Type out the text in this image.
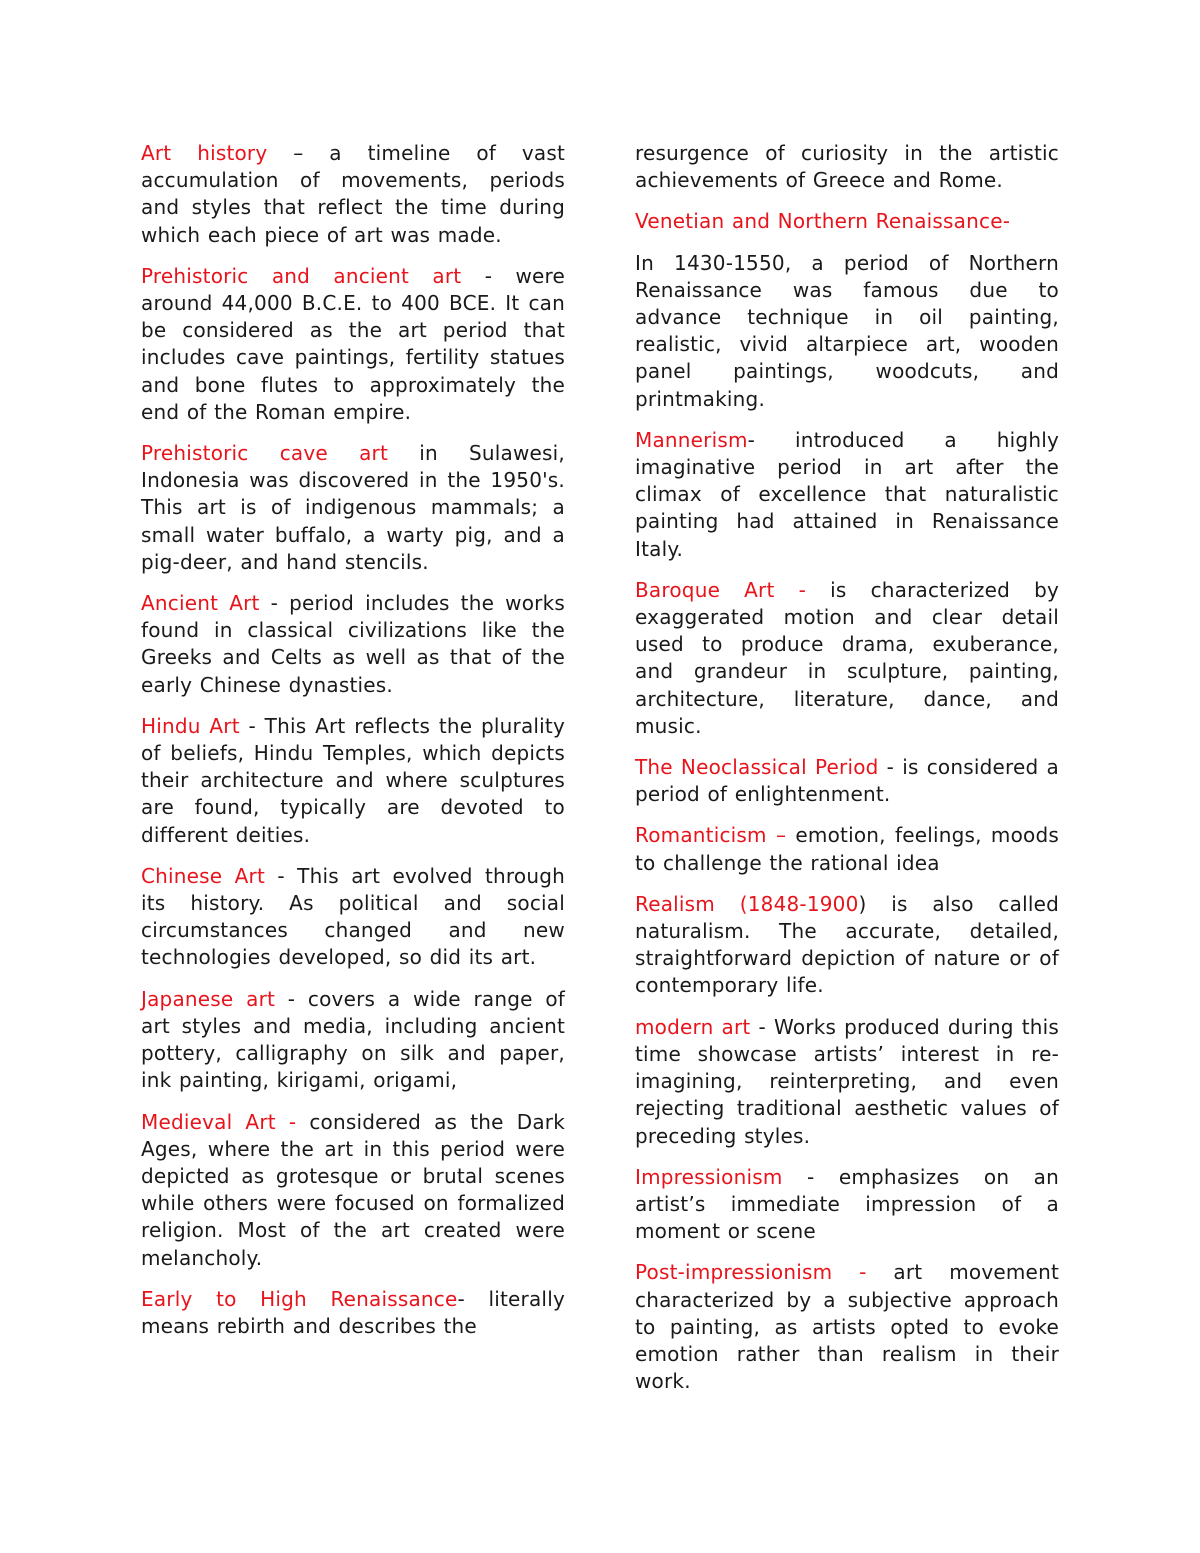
Art history – a timeline of vast accumulation of movements, periods and styles that reflect the time during which each piece of art was made.

Prehistoric and ancient art - were around 44,000 B.C.E. to 400 BCE. It can be considered as the art period that includes cave paintings, fertility statues and bone flutes to approximately the end of the Roman empire.

Prehistoric cave art in Sulawesi, Indonesia was discovered in the 1950's. This art is of indigenous mammals; a small water buffalo, a warty pig, and a pig-deer, and hand stencils.

Ancient Art - period includes the works found in classical civilizations like the Greeks and Celts as well as that of the early Chinese dynasties.

Hindu Art - This Art reflects the plurality of beliefs, Hindu Temples, which depicts their architecture and where sculptures are found, typically are devoted to different deities.

Chinese Art - This art evolved through its history. As political and social circumstances changed and new technologies developed, so did its art.

Japanese art - covers a wide range of art styles and media, including ancient pottery, calligraphy on silk and paper, ink painting, kirigami, origami,

Medieval Art - considered as the Dark Ages, where the art in this period were depicted as grotesque or brutal scenes while others were focused on formalized religion. Most of the art created were melancholy.

Early to High Renaissance- literally means rebirth and describes the

resurgence of curiosity in the artistic achievements of Greece and Rome.

Venetian and Northern Renaissance-

In 1430-1550, a period of Northern Renaissance was famous due to advance technique in oil painting, realistic, vivid altarpiece art, wooden panel paintings, woodcuts, and printmaking.

Mannerism- introduced a highly imaginative period in art after the climax of excellence that naturalistic painting had attained in Renaissance Italy.

Baroque Art - is characterized by exaggerated motion and clear detail used to produce drama, exuberance, and grandeur in sculpture, painting, architecture, literature, dance, and music.

The Neoclassical Period - is considered a period of enlightenment.

Romanticism – emotion, feelings, moods to challenge the rational idea

Realism (1848-1900) is also called naturalism. The accurate, detailed, straightforward depiction of nature or of contemporary life.

modern art - Works produced during this time showcase artists’ interest in re-imagining, reinterpreting, and even rejecting traditional aesthetic values of preceding styles.

Impressionism - emphasizes on an artist’s immediate impression of a moment or scene

Post-impressionism - art movement characterized by a subjective approach to painting, as artists opted to evoke emotion rather than realism in their work.
